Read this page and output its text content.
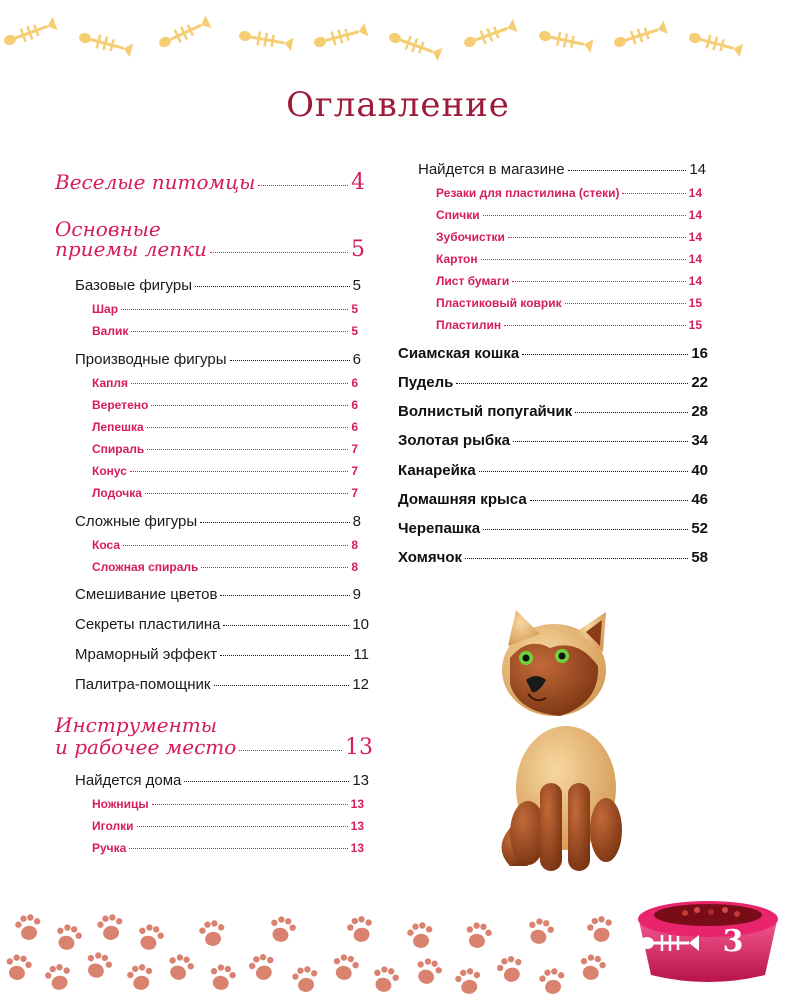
Оглавление
Веселые питомцы	4
Основные
приемы лепки	5
Базовые фигуры	5
Шар	5
Валик	5
Производные фигуры	6
Капля	6
Веретено	6
Лепешка	6
Спираль	7
Конус	7
Лодочка	7
Сложные фигуры	8
Коса	8
Сложная спираль	8
Смешивание цветов	9
Секреты пластилина	10
Мраморный эффект	11
Палитра-помощник	12
Инструменты
и рабочее место	13
Найдется дома	13
Ножницы	13
Иголки	13
Ручка	13
Найдется в магазине	14
Резаки для пластилина (стеки)	14
Спички	14
Зубочистки	14
Картон	14
Лист бумаги	14
Пластиковый коврик	15
Пластилин	15
Сиамская кошка	16
Пудель	22
Волнистый попугайчик	28
Золотая рыбка	34
Канарейка	40
Домашняя крыса	46
Черепашка	52
Хомячок	58
3
